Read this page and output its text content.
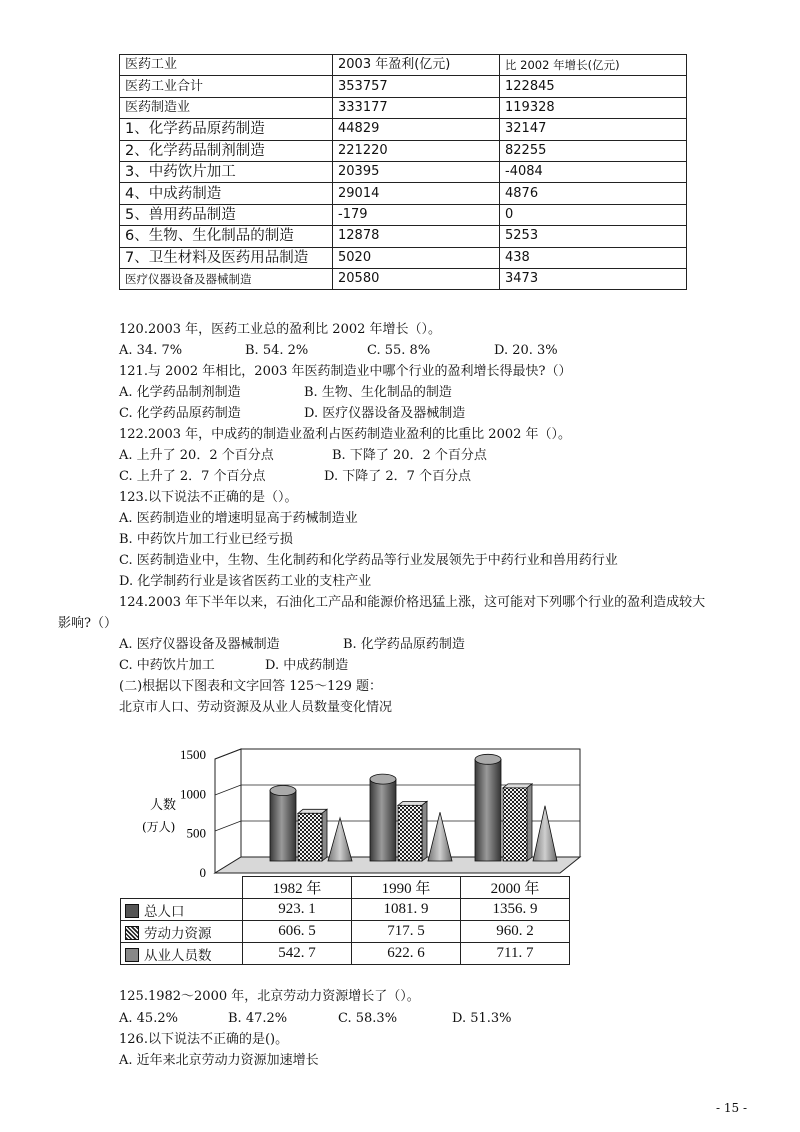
医药工业	2003 年盈利(亿元)	比 2002 年增长(亿元)
医药工业合计	353757	122845
医药制造业	333177	119328
1、化学药品原药制造	44829	32147
2、化学药品制剂制造	221220	82255
3、中药饮片加工	20395	-4084
4、中成药制造	29014	4876
5、兽用药品制造	-179	0
6、生物、生化制品的制造	12878	5253
7、卫生材料及医药用品制造	5020	438
医疗仪器设备及器械制造	20580	3473
120.2003 年，医药工业总的盈利比 2002 年增长（）。
A. 34. 7%	B. 54. 2%	C. 55. 8%	D. 20. 3%
121.与 2002 年相比，2003 年医药制造业中哪个行业的盈利增长得最快?（）
A. 化学药品制剂制造	B. 生物、生化制品的制造
C. 化学药品原药制造	D. 医疗仪器设备及器械制造
122.2003 年，中成药的制造业盈利占医药制造业盈利的比重比 2002 年（）。
A. 上升了 20．2 个百分点	B. 下降了 20．2 个百分点
C. 上升了 2．7 个百分点	D. 下降了 2．7 个百分点
123.以下说法不正确的是（）。
A. 医药制造业的增速明显高于药械制造业
B. 中药饮片加工行业已经亏损
C. 医药制造业中，生物、生化制药和化学药品等行业发展领先于中药行业和兽用药行业
D. 化学制药行业是该省医药工业的支柱产业
124.2003 年下半年以来，石油化工产品和能源价格迅猛上涨，这可能对下列哪个行业的盈利造成较大
影响?（）
A. 医疗仪器设备及器械制造	B. 化学药品原药制造
C. 中药饮片加工	D. 中成药制造
(二)根据以下图表和文字回答 125～129 题：
北京市人口、劳动资源及从业人员数量变化情况
0
500
1000
1500
人数
(万人)
	1982 年	1990 年	2000 年
总人口	923. 1	1081. 9	1356. 9
劳动力资源	606. 5	717. 5	960. 2
从业人员数	542. 7	622. 6	711. 7
125.1982～2000 年，北京劳动力资源增长了（）。
A. 45.2%	B. 47.2%	C. 58.3%	D. 51.3%
126.以下说法不正确的是()。
A. 近年来北京劳动力资源加速增长
- 15 -
